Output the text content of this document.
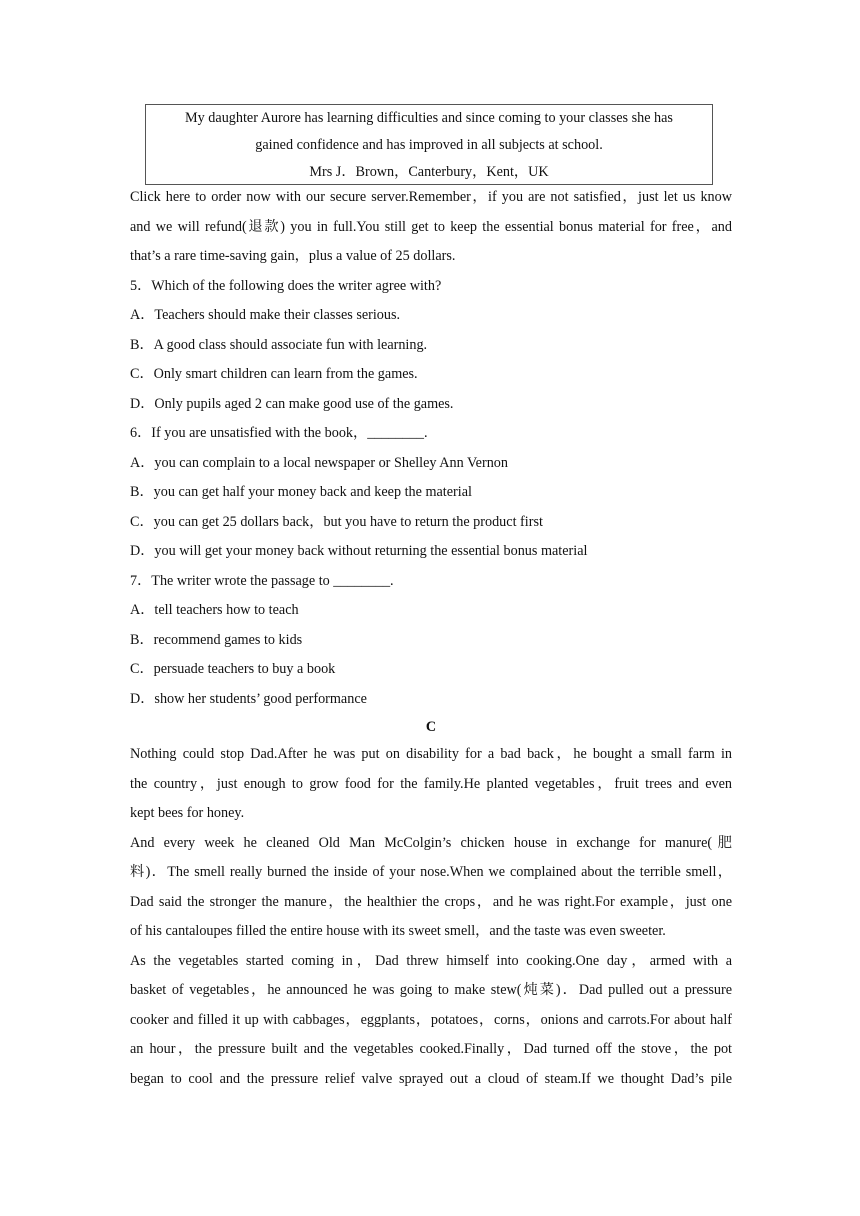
My daughter Aurore has learning difficulties and since coming to your classes she has
gained confidence and has improved in all subjects at school.
Mrs J．Brown，Canterbury，Kent，UK
Click here to order now with our secure server.Remember，if you are not satisfied，just let us know
and we will refund(退款) you in full.You still get to keep the essential bonus material for free，and
that’s a rare time-saving gain，plus a value of 25 dollars.
5．Which of the following does the writer agree with?
A．Teachers should make their classes serious.
B．A good class should associate fun with learning.
C．Only smart children can learn from the games.
D．Only pupils aged 2 can make good use of the games.
6．If you are unsatisfied with the book，________.
A．you can complain to a local newspaper or Shelley Ann Vernon
B．you can get half your money back and keep the material
C．you can get 25 dollars back，but you have to return the product first
D．you will get your money back without returning the essential bonus material
7．The writer wrote the passage to ________.
A．tell teachers how to teach
B．recommend games to kids
C．persuade teachers to buy a book
D．show her students’ good performance
C
Nothing could stop Dad.After he was put on disability for a bad back，he bought a small farm in
the country，just enough to grow food for the family.He planted vegetables，fruit trees and even
kept bees for honey.
And every week he cleaned Old Man McColgin’s chicken house in exchange for manure(肥
料)．The smell really burned the inside of your nose.When we complained about the terrible smell，
Dad said the stronger the manure，the healthier the crops，and he was right.For example，just one
of his cantaloupes filled the entire house with its sweet smell，and the taste was even sweeter.
As the vegetables started coming in，Dad threw himself into cooking.One day，armed with a
basket of vegetables，he announced he was going to make stew(炖菜)．Dad pulled out a pressure
cooker and filled it up with cabbages，eggplants，potatoes，corns，onions and carrots.For about half
an hour，the pressure built and the vegetables cooked.Finally，Dad turned off the stove，the pot
began to cool and the pressure relief valve sprayed out a cloud of steam.If we thought Dad’s pile
